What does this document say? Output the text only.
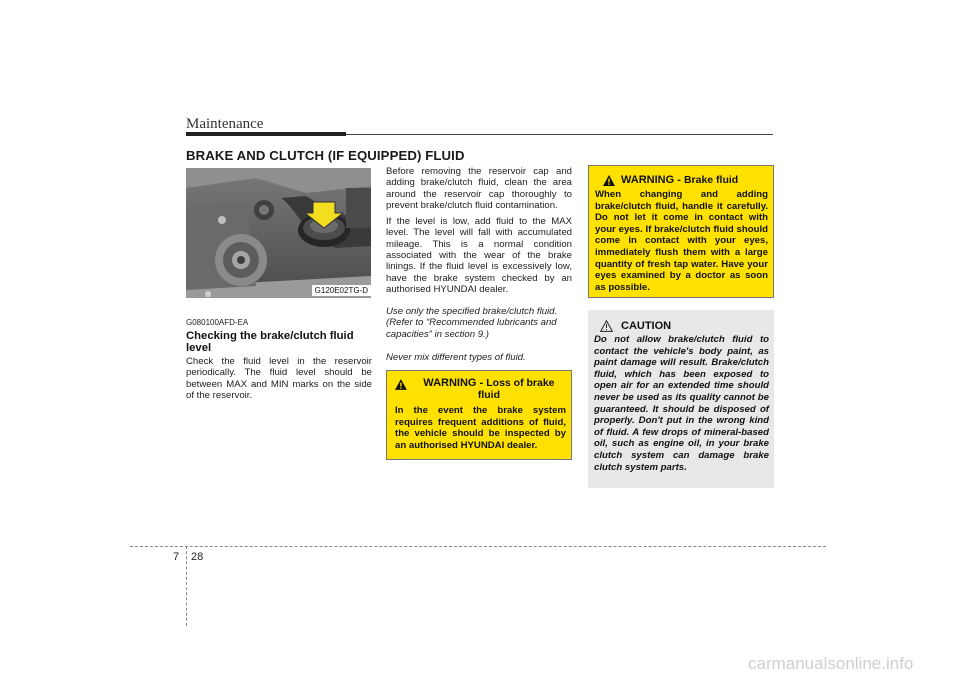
Maintenance
BRAKE AND CLUTCH (IF EQUIPPED) FLUID
G120E02TG-D
G080100AFD-EA
Checking the brake/clutch fluid level
Check the fluid level in the reservoir periodically. The fluid level should be between MAX and MIN marks on the side of the reservoir.

Before removing the reservoir cap and adding brake/clutch fluid, clean the area around the reservoir cap thoroughly to prevent brake/clutch fluid contamination.

If the level is low, add fluid to the MAX level. The level will fall with accumulated mileage. This is a normal condition associated with the wear of the brake linings. If the fluid level is excessively low, have the brake system checked by an authorised HYUNDAI dealer.

Use only the specified brake/clutch fluid. (Refer to “Recommended lubricants and capacities” in section 9.)
Never mix different types of fluid.
WARNING - Loss of brake fluid
In the event the brake system requires frequent additions of fluid, the vehicle should be inspected by an authorised HYUNDAI dealer.
WARNING - Brake fluid
When changing and adding brake/clutch fluid, handle it carefully. Do not let it come in contact with your eyes. If brake/clutch fluid should come in contact with your eyes, immediately flush them with a large quantity of fresh tap water. Have your eyes examined by a doctor as soon as possible.
CAUTION
Do not allow brake/clutch fluid to contact the vehicle's body paint, as paint damage will result. Brake/clutch fluid, which has been exposed to open air for an extended time should never be used as its quality cannot be guaranteed. It should be disposed of properly. Don't put in the wrong kind of fluid. A few drops of mineral-based oil, such as engine oil, in your brake clutch system can damage brake clutch system parts.
7 28
carmanualsonline.info
